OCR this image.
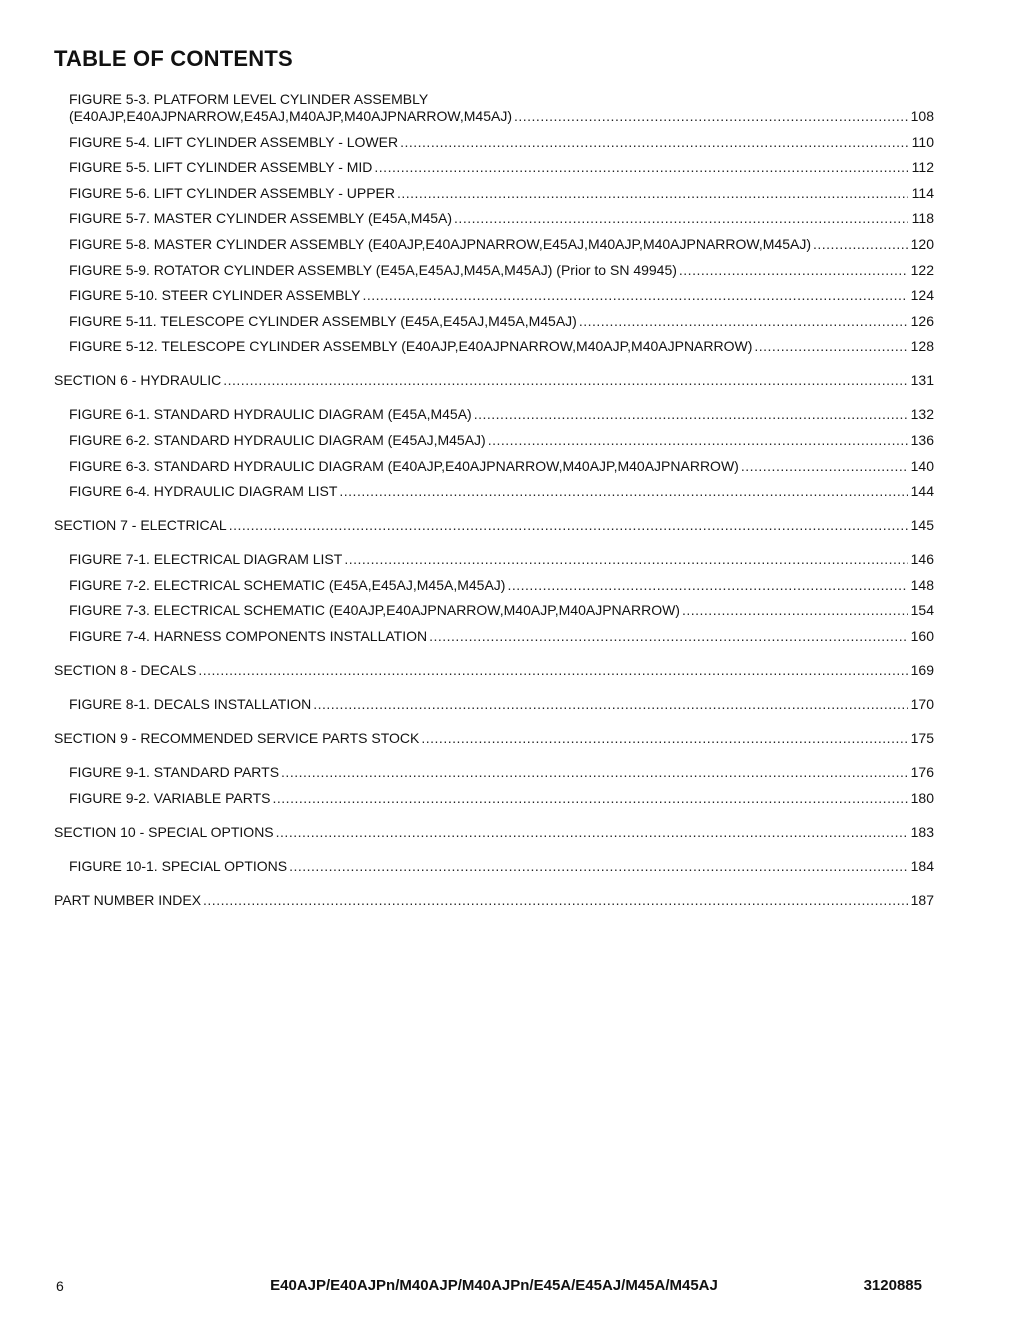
TABLE OF CONTENTS
FIGURE 5-3. PLATFORM LEVEL CYLINDER ASSEMBLY
(E40AJP,E40AJPNARROW,E45AJ,M40AJP,M40AJPNARROW,M45AJ) .....	108
FIGURE 5-4. LIFT CYLINDER ASSEMBLY - LOWER .....	110
FIGURE 5-5. LIFT CYLINDER ASSEMBLY - MID .....	112
FIGURE 5-6. LIFT CYLINDER ASSEMBLY - UPPER .....	114
FIGURE 5-7. MASTER CYLINDER ASSEMBLY (E45A,M45A) .....	118
FIGURE 5-8. MASTER CYLINDER ASSEMBLY (E40AJP,E40AJPNARROW,E45AJ,M40AJP,M40AJPNARROW,M45AJ) .....	120
FIGURE 5-9. ROTATOR CYLINDER ASSEMBLY (E45A,E45AJ,M45A,M45AJ) (Prior to SN 49945) .....	122
FIGURE 5-10. STEER CYLINDER ASSEMBLY .....	124
FIGURE 5-11. TELESCOPE CYLINDER ASSEMBLY (E45A,E45AJ,M45A,M45AJ) .....	126
FIGURE 5-12. TELESCOPE CYLINDER ASSEMBLY (E40AJP,E40AJPNARROW,M40AJP,M40AJPNARROW) .....	128
SECTION 6 - HYDRAULIC .....	131
FIGURE 6-1. STANDARD HYDRAULIC DIAGRAM (E45A,M45A) .....	132
FIGURE 6-2. STANDARD HYDRAULIC DIAGRAM (E45AJ,M45AJ) .....	136
FIGURE 6-3. STANDARD HYDRAULIC DIAGRAM (E40AJP,E40AJPNARROW,M40AJP,M40AJPNARROW) .....	140
FIGURE 6-4. HYDRAULIC DIAGRAM LIST .....	144
SECTION 7 - ELECTRICAL .....	145
FIGURE 7-1. ELECTRICAL DIAGRAM LIST .....	146
FIGURE 7-2. ELECTRICAL SCHEMATIC (E45A,E45AJ,M45A,M45AJ) .....	148
FIGURE 7-3. ELECTRICAL SCHEMATIC (E40AJP,E40AJPNARROW,M40AJP,M40AJPNARROW) .....	154
FIGURE 7-4. HARNESS COMPONENTS INSTALLATION .....	160
SECTION 8 - DECALS .....	169
FIGURE 8-1. DECALS INSTALLATION .....	170
SECTION 9 - RECOMMENDED SERVICE PARTS STOCK .....	175
FIGURE 9-1. STANDARD PARTS .....	176
FIGURE 9-2. VARIABLE PARTS .....	180
SECTION 10 - SPECIAL OPTIONS .....	183
FIGURE 10-1. SPECIAL OPTIONS .....	184
PART NUMBER INDEX .....	187
6	E40AJP/E40AJPn/M40AJP/M40AJPn/E45A/E45AJ/M45A/M45AJ	3120885
